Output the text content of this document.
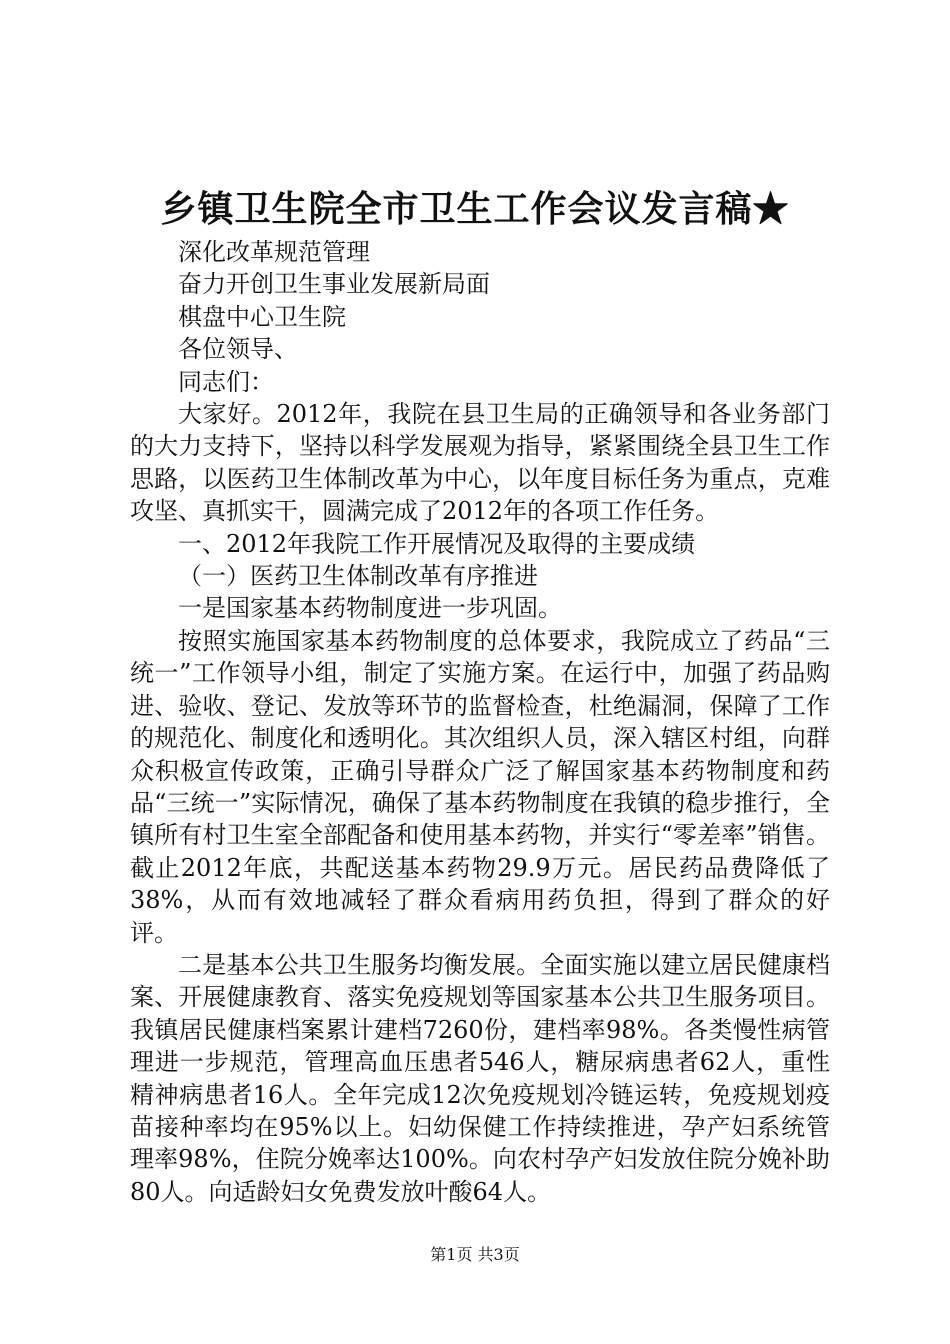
乡镇卫生院全市卫生工作会议发言稿★

深化改革规范管理

奋力开创卫生事业发展新局面

棋盘中心卫生院

各位领导、

同志们：

大家好。2012年，我院在县卫生局的正确领导和各业务部门的大力支持下，坚持以科学发展观为指导，紧紧围绕全县卫生工作思路，以医药卫生体制改革为中心，以年度目标任务为重点，克难攻坚、真抓实干，圆满完成了2012年的各项工作任务。

一、2012年我院工作开展情况及取得的主要成绩

（一）医药卫生体制改革有序推进

一是国家基本药物制度进一步巩固。

按照实施国家基本药物制度的总体要求，我院成立了药品“三统一”工作领导小组，制定了实施方案。在运行中，加强了药品购进、验收、登记、发放等环节的监督检查，杜绝漏洞，保障了工作的规范化、制度化和透明化。其次组织人员，深入辖区村组，向群众积极宣传政策，正确引导群众广泛了解国家基本药物制度和药品“三统一”实际情况，确保了基本药物制度在我镇的稳步推行，全镇所有村卫生室全部配备和使用基本药物，并实行“零差率”销售。截止2012年底，共配送基本药物29.9万元。居民药品费降低了38%，从而有效地减轻了群众看病用药负担，得到了群众的好评。

二是基本公共卫生服务均衡发展。全面实施以建立居民健康档案、开展健康教育、落实免疫规划等国家基本公共卫生服务项目。我镇居民健康档案累计建档7260份，建档率98%。各类慢性病管理进一步规范，管理高血压患者546人，糖尿病患者62人，重性精神病患者16人。全年完成12次免疫规划冷链运转，免疫规划疫苗接种率均在95%以上。妇幼保健工作持续推进，孕产妇系统管理率98%，住院分娩率达100%。向农村孕产妇发放住院分娩补助80人。向适龄妇女免费发放叶酸64人。

第1页 共3页
